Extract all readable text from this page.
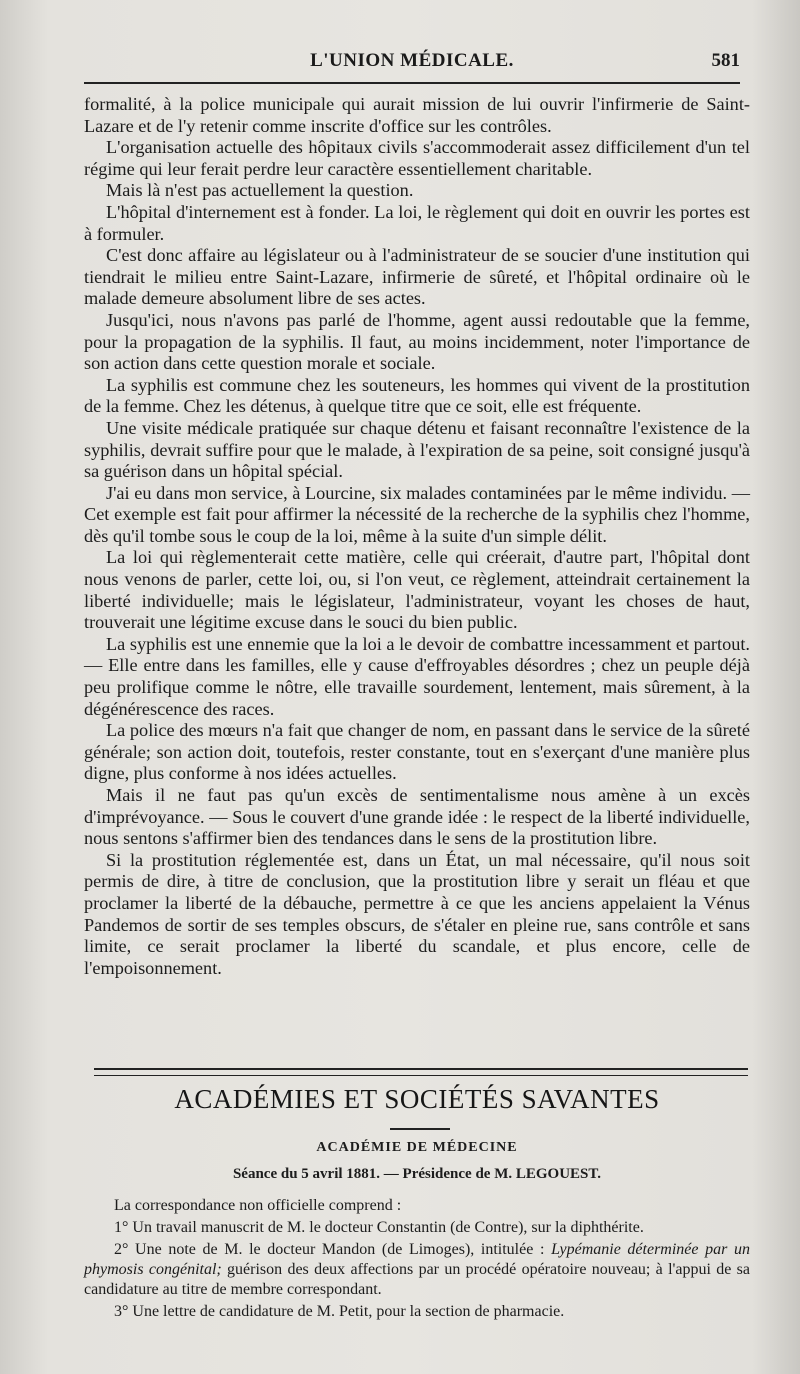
L'UNION MÉDICALE.	581

formalité, à la police municipale qui aurait mission de lui ouvrir l'infirmerie de Saint-Lazare et de l'y retenir comme inscrite d'office sur les contrôles.

L'organisation actuelle des hôpitaux civils s'accommoderait assez difficilement d'un tel régime qui leur ferait perdre leur caractère essentiellement charitable.

Mais là n'est pas actuellement la question.

L'hôpital d'internement est à fonder. La loi, le règlement qui doit en ouvrir les portes est à formuler.

C'est donc affaire au législateur ou à l'administrateur de se soucier d'une institution qui tiendrait le milieu entre Saint-Lazare, infirmerie de sûreté, et l'hôpital ordinaire où le malade demeure absolument libre de ses actes.

Jusqu'ici, nous n'avons pas parlé de l'homme, agent aussi redoutable que la femme, pour la propagation de la syphilis. Il faut, au moins incidemment, noter l'importance de son action dans cette question morale et sociale.

La syphilis est commune chez les souteneurs, les hommes qui vivent de la prostitution de la femme. Chez les détenus, à quelque titre que ce soit, elle est fréquente.

Une visite médicale pratiquée sur chaque détenu et faisant reconnaître l'existence de la syphilis, devrait suffire pour que le malade, à l'expiration de sa peine, soit consigné jusqu'à sa guérison dans un hôpital spécial.

J'ai eu dans mon service, à Lourcine, six malades contaminées par le même individu. — Cet exemple est fait pour affirmer la nécessité de la recherche de la syphilis chez l'homme, dès qu'il tombe sous le coup de la loi, même à la suite d'un simple délit.

La loi qui règlementerait cette matière, celle qui créerait, d'autre part, l'hôpital dont nous venons de parler, cette loi, ou, si l'on veut, ce règlement, atteindrait certainement la liberté individuelle; mais le législateur, l'administrateur, voyant les choses de haut, trouverait une légitime excuse dans le souci du bien public.

La syphilis est une ennemie que la loi a le devoir de combattre incessamment et partout. — Elle entre dans les familles, elle y cause d'effroyables désordres ; chez un peuple déjà peu prolifique comme le nôtre, elle travaille sourdement, lentement, mais sûrement, à la dégénérescence des races.

La police des mœurs n'a fait que changer de nom, en passant dans le service de la sûreté générale; son action doit, toutefois, rester constante, tout en s'exerçant d'une manière plus digne, plus conforme à nos idées actuelles.

Mais il ne faut pas qu'un excès de sentimentalisme nous amène à un excès d'imprévoyance. — Sous le couvert d'une grande idée : le respect de la liberté individuelle, nous sentons s'affirmer bien des tendances dans le sens de la prostitution libre.

Si la prostitution réglementée est, dans un État, un mal nécessaire, qu'il nous soit permis de dire, à titre de conclusion, que la prostitution libre y serait un fléau et que proclamer la liberté de la débauche, permettre à ce que les anciens appelaient la Vénus Pandemos de sortir de ses temples obscurs, de s'étaler en pleine rue, sans contrôle et sans limite, ce serait proclamer la liberté du scandale, et plus encore, celle de l'empoisonnement.

ACADÉMIES ET SOCIÉTÉS SAVANTES
ACADÉMIE DE MÉDECINE
Séance du 5 avril 1881. — Présidence de M. LEGOUEST.

La correspondance non officielle comprend :

1° Un travail manuscrit de M. le docteur Constantin (de Contre), sur la diphthérite.

2° Une note de M. le docteur Mandon (de Limoges), intitulée : Lypémanie déterminée par un phymosis congénital; guérison des deux affections par un procédé opératoire nouveau; à l'appui de sa candidature au titre de membre correspondant.

3° Une lettre de candidature de M. Petit, pour la section de pharmacie.
